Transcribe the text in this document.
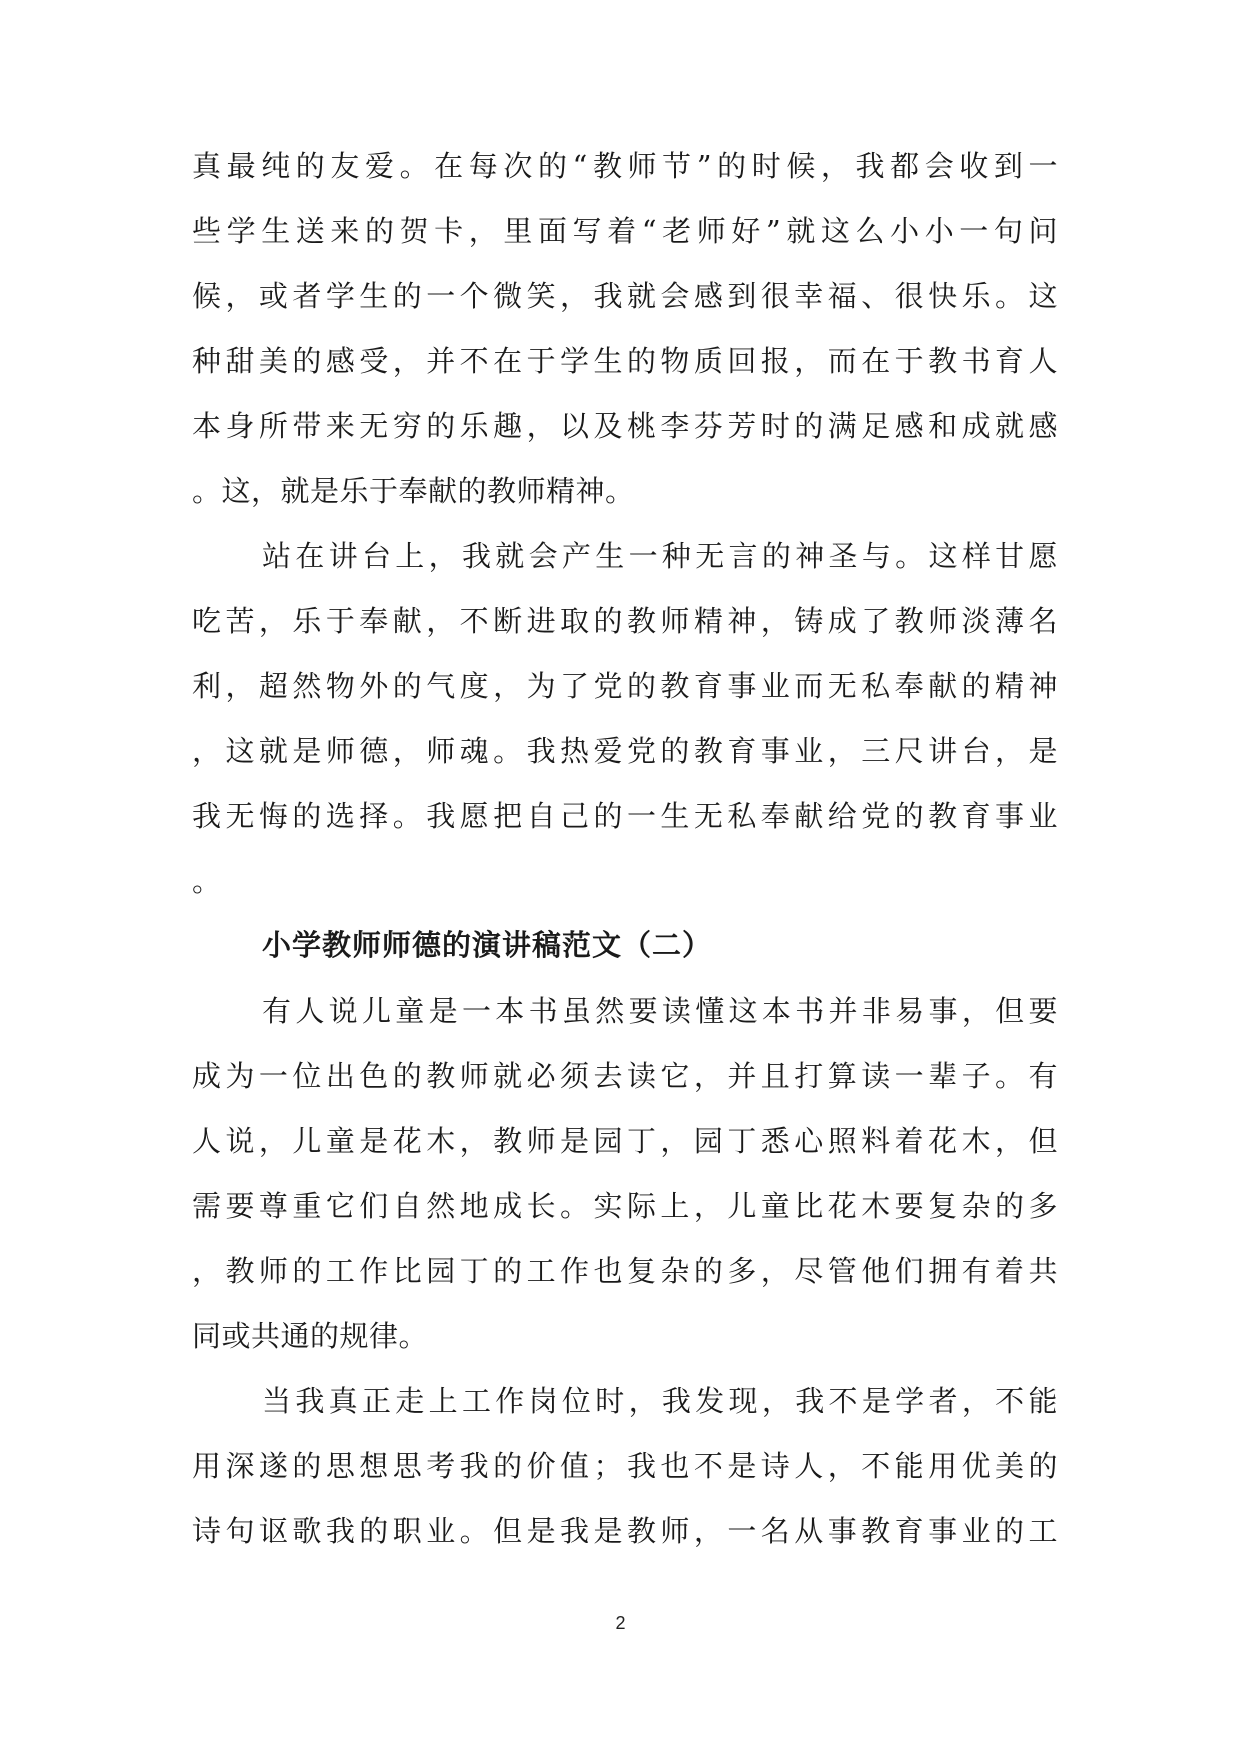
真最纯的友爱。在每次的“教师节”的时候，我都会收到一
些学生送来的贺卡，里面写着“老师好”就这么小小一句问
候，或者学生的一个微笑，我就会感到很幸福、很快乐。这
种甜美的感受，并不在于学生的物质回报，而在于教书育人
本身所带来无穷的乐趣，以及桃李芬芳时的满足感和成就感
。这，就是乐于奉献的教师精神。
站在讲台上，我就会产生一种无言的神圣与。这样甘愿
吃苦，乐于奉献，不断进取的教师精神，铸成了教师淡薄名
利，超然物外的气度，为了党的教育事业而无私奉献的精神
，这就是师德，师魂。我热爱党的教育事业，三尺讲台，是
我无悔的选择。我愿把自己的一生无私奉献给党的教育事业
。
小学教师师德的演讲稿范文（二）
有人说儿童是一本书虽然要读懂这本书并非易事，但要
成为一位出色的教师就必须去读它，并且打算读一辈子。有
人说，儿童是花木，教师是园丁，园丁悉心照料着花木，但
需要尊重它们自然地成长。实际上，儿童比花木要复杂的多
，教师的工作比园丁的工作也复杂的多，尽管他们拥有着共
同或共通的规律。
当我真正走上工作岗位时，我发现，我不是学者，不能
用深遂的思想思考我的价值；我也不是诗人，不能用优美的
诗句讴歌我的职业。但是我是教师，一名从事教育事业的工
2
